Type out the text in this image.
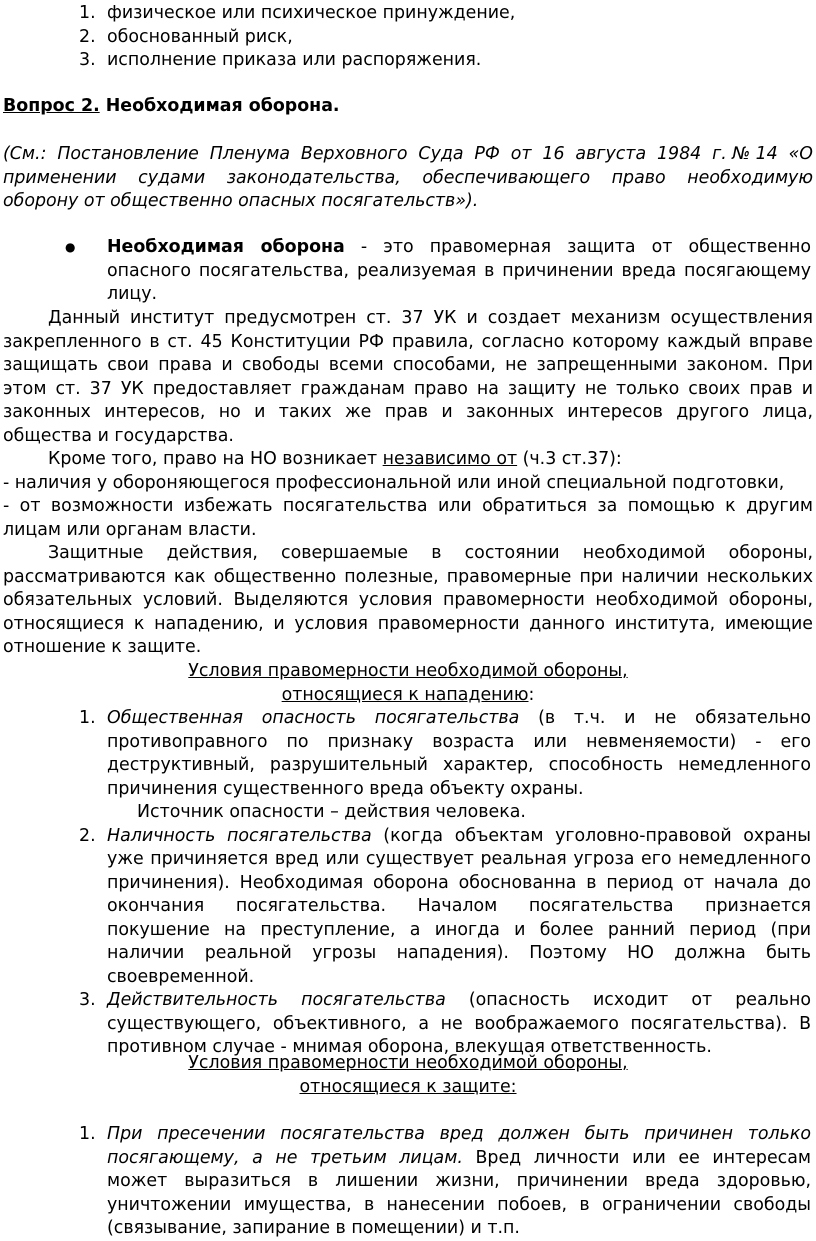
1. физическое или психическое принуждение,
2. обоснованный риск,
3. исполнение приказа или распоряжения.
Вопрос 2. Необходимая оборона.
(См.: Постановление Пленума Верховного Суда РФ от 16 августа 1984 г.№14 «О применении судами законодательства, обеспечивающего право необходимую оборону от общественно опасных посягательств»).
● Необходимая оборона - это правомерная защита от общественно опасного посягательства, реализуемая в причинении вреда посягающему лицу.
Данный институт предусмотрен ст. 37 УК и создает механизм осуществления закрепленного в ст. 45 Конституции РФ правила, согласно которому каждый вправе защищать свои права и свободы всеми способами, не запрещенными законом. При этом ст. 37 УК предоставляет гражданам право на защиту не только своих прав и законных интересов, но и таких же прав и законных интересов другого лица, общества и государства.
Кроме того, право на НО возникает независимо от (ч.3 ст.37):
- наличия у обороняющегося профессиональной или иной специальной подготовки,
- от возможности избежать посягательства или обратиться за помощью к другим лицам или органам власти.
Защитные действия, совершаемые в состоянии необходимой обороны, рассматриваются как общественно полезные, правомерные при наличии нескольких обязательных условий. Выделяются условия правомерности необходимой обороны, относящиеся к нападению, и условия правомерности данного института, имеющие отношение к защите.
Условия правомерности необходимой обороны,
относящиеся к нападению:
1. Общественная опасность посягательства (в т.ч. и не обязательно противоправного по признаку возраста или невменяемости) - его деструктивный, разрушительный характер, способность немедленного причинения существенного вреда объекту охраны.
Источник опасности – действия человека.
2. Наличность посягательства (когда объектам уголовно-правовой охраны уже причиняется вред или существует реальная угроза его немедленного причинения). Необходимая оборона обоснованна в период от начала до окончания посягательства. Началом посягательства признается покушение на преступление, а иногда и более ранний период (при наличии реальной угрозы нападения). Поэтому НО должна быть своевременной.
3. Действительность посягательства (опасность исходит от реально существующего, объективного, а не воображаемого посягательства). В противном случае - мнимая оборона, влекущая ответственность.
Условия правомерности необходимой обороны,
относящиеся к защите:
1. При пресечении посягательства вред должен быть причинен только посягающему, а не третьим лицам. Вред личности или ее интересам может выразиться в лишении жизни, причинении вреда здоровью, уничтожении имущества, в нанесении побоев, в ограничении свободы (связывание, запирание в помещении) и т.п.
